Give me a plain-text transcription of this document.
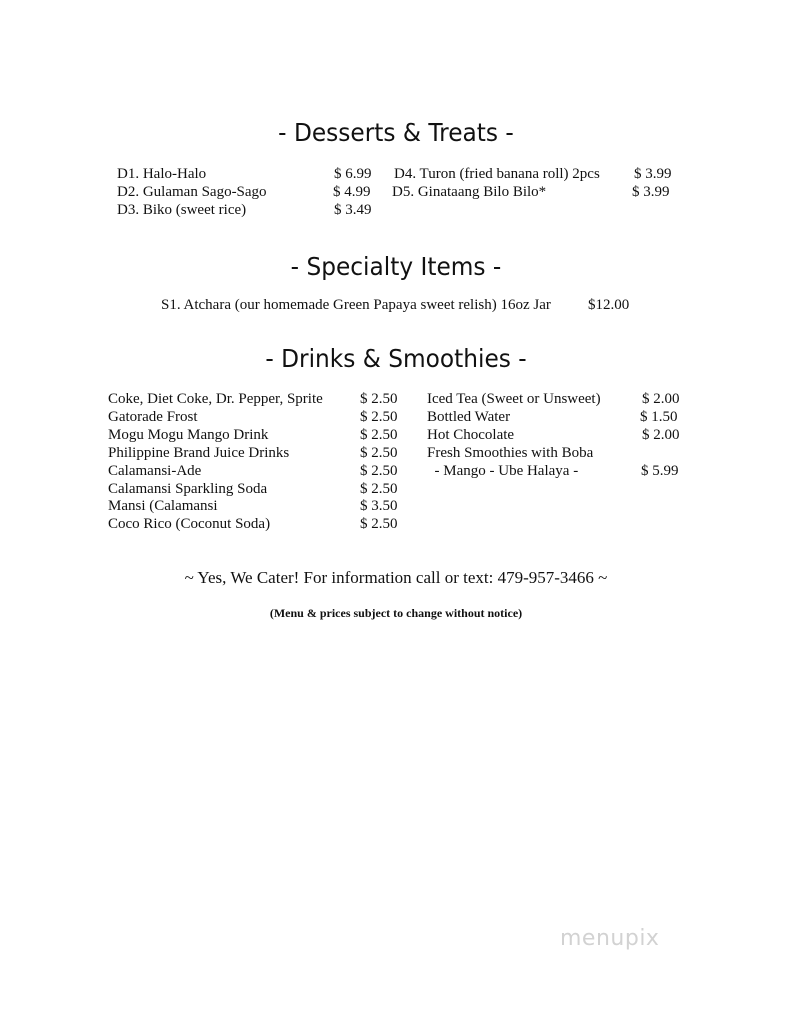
- Desserts & Treats -
D1. Halo-Halo	$ 6.99
D2. Gulaman Sago-Sago	$ 4.99
D3. Biko (sweet rice)	$ 3.49
D4. Turon (fried banana roll) 2pcs $ 3.99
D5. Ginataang Bilo Bilo*	$ 3.99
- Specialty Items -
S1. Atchara (our homemade Green Papaya sweet relish) 16oz Jar $12.00
- Drinks & Smoothies -
Coke, Diet Coke, Dr. Pepper, Sprite $ 2.50
Gatorade Frost	$ 2.50
Mogu Mogu Mango Drink	$ 2.50
Philippine Brand Juice Drinks	$ 2.50
Calamansi-Ade	$ 2.50
Calamansi Sparkling Soda	$ 2.50
Mansi (Calamansi	$ 3.50
Coco Rico (Coconut Soda)	$ 2.50
Iced Tea (Sweet or Unsweet)	$ 2.00
Bottled Water	$ 1.50
Hot Chocolate	$ 2.00
Fresh Smoothies with Boba
- Mango - Ube Halaya -	$ 5.99
~ Yes, We Cater! For information call or text: 479-957-3466 ~
(Menu & prices subject to change without notice)
menupix
